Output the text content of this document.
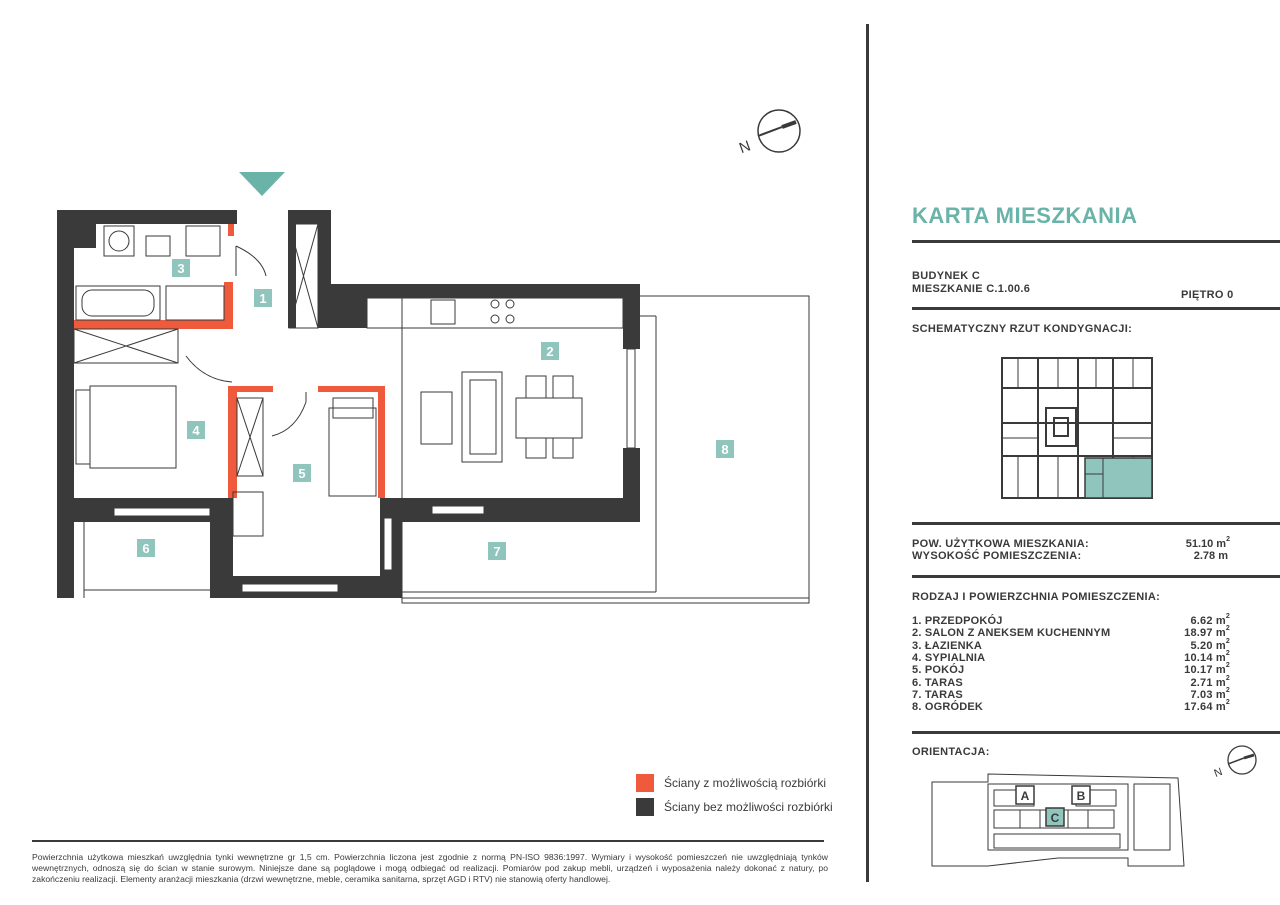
1
2
3
4
5
6	7
8
N
KARTA MIESZKANIA
BUDYNEK C
MIESZKANIE C.1.00.6	PIĘTRO 0
SCHEMATYCZNY RZUT KONDYGNACJI:
POW. UŻYTKOWA MIESZKANIA:	51.10 $m^2$
WYSOKOŚĆ POMIESZCZENIA:	2.78 m
RODZAJ I POWIERZCHNIA POMIESZCZENIA:
1. PRZEDPOKÓJ	6.62 $m^2$
2. SALON Z ANEKSEM KUCHENNYM	18.97 $m^2$
3. ŁAZIENKA	5.20 $m^2$
4. SYPIALNIA	10.14 $m^2$
5. POKÓJ	10.17 $m^2$
6. TARAS	2.71 $m^2$
7. TARAS	7.03 $m^2$
8. OGRÓDEK	17.64 $m^2$
ORIENTACJA:
N
A	B
C
Ściany z możliwością rozbiórki
Ściany bez możliwości rozbiórki
Powierzchnia użytkowa mieszkań uwzględnia tynki wewnętrzne gr 1,5 cm. Powierzchnia liczona jest zgodnie z normą PN-ISO 9836:1997. Wymiary i wysokość pomieszczeń nie uwzględniają tynków wewnętrznych, odnoszą się do ścian w stanie surowym. Niniejsze dane są poglądowe i mogą odbiegać od realizacji. Pomiarów pod zakup mebli, urządzeń i wyposażenia należy dokonać z natury, po zakończeniu realizacji. Elementy aranżacji mieszkania (drzwi wewnętrzne, meble, ceramika sanitarna, sprzęt AGD i RTV) nie stanowią oferty handlowej.
